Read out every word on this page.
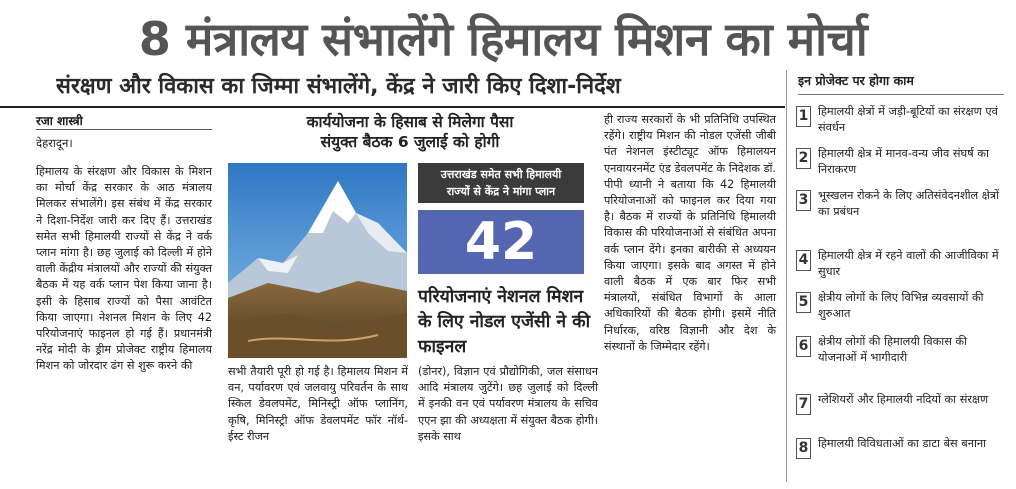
8 मंत्रालय संभालेंगे हिमालय मिशन का मोर्चा
संरक्षण और विकास का जिम्मा संभालेंगे, केंद्र ने जारी किए दिशा-निर्देश
रजा शास्त्री
देहरादून।
हिमालय के संरक्षण और विकास के मिशन का मोर्चा केंद्र सरकार के आठ मंत्रालय मिलकर संभालेंगे। इस संबंध में केंद्र सरकार ने दिशा-निर्देश जारी कर दिए हैं। उत्तराखंड समेत सभी हिमालयी राज्यों से केंद्र ने वर्क प्लान मांगा है। छह जुलाई को दिल्ली में होने वाली केंद्रीय मंत्रालयों और राज्यों की संयुक्त बैठक में यह वर्क प्लान पेश किया जाना है। इसी के हिसाब राज्यों को पैसा आवंटित किया जाएगा। नेशनल मिशन के लिए 42 परियोजनाएं फाइनल हो गई हैं। प्रधानमंत्री नरेंद्र मोदी के ड्रीम प्रोजेक्ट राष्ट्रीय हिमालय मिशन को जोरदार ढंग से शुरू करने की
कार्ययोजना के हिसाब से मिलेगा पैसा
संयुक्त बैठक 6 जुलाई को होगी
सभी तैयारी पूरी हो गई है। हिमालय मिशन में वन, पर्यावरण एवं जलवायु परिवर्तन के साथ स्किल डेवलपमेंट, मिनिस्ट्री ऑफ प्लानिंग, कृषि, मिनिस्ट्री ऑफ डेवलपमेंट फॉर नॉर्थ-ईस्ट रीजन
उत्तराखंड समेत सभी हिमालयी
राज्यों से केंद्र ने मांगा प्लान
42
परियोजनाएं नेशनल मिशन के लिए नोडल एजेंसी ने की फाइनल
(डोनर), विज्ञान एवं प्रौद्योगिकी, जल संसाधन आदि मंत्रालय जुटेंगे। छह जुलाई को दिल्ली में इनकी वन एवं पर्यावरण मंत्रालय के सचिव एएन झा की अध्यक्षता में संयुक्त बैठक होगी। इसके साथ
ही राज्य सरकारों के भी प्रतिनिधि उपस्थित रहेंगे। राष्ट्रीय मिशन की नोडल एजेंसी जीबी पंत नेशनल इंस्टीट्यूट ऑफ हिमालयन एनवायरनमेंट एंड डेवलपमेंट के निदेशक डॉ. पीपी ध्यानी ने बताया कि 42 हिमालयी परियोजनाओं को फाइनल कर दिया गया है। बैठक में राज्यों के प्रतिनिधि हिमालयी विकास की परियोजनाओं से संबंधित अपना वर्क प्लान देंगे। इनका बारीकी से अध्ययन किया जाएगा। इसके बाद अगस्त में होने वाली बैठक में एक बार फिर सभी मंत्रालयों, संबंधित विभागों के आला अधिकारियों की बैठक होगी। इसमें नीति निर्धारक, वरिष्ठ विज्ञानी और देश के संस्थानों के जिम्मेदार रहेंगे।
इन प्रोजेक्ट पर होगा काम
1 हिमालयी क्षेत्रों में जड़ी-बूटियों का संरक्षण एवं संवर्धन
2 हिमालयी क्षेत्र में मानव-वन्य जीव संघर्ष का निराकरण
3 भूस्खलन रोकने के लिए अतिसंवेदनशील क्षेत्रों का प्रबंधन
4 हिमालयी क्षेत्र में रहने वालों की आजीविका में सुधार
5 क्षेत्रीय लोगों के लिए विभिन्न व्यवसायों की शुरुआत
6 क्षेत्रीय लोगों की हिमालयी विकास की योजनाओं में भागीदारी
7 ग्लेशियरों और हिमालयी नदियों का संरक्षण
8 हिमालयी विविधताओं का डाटा बेस बनाना
